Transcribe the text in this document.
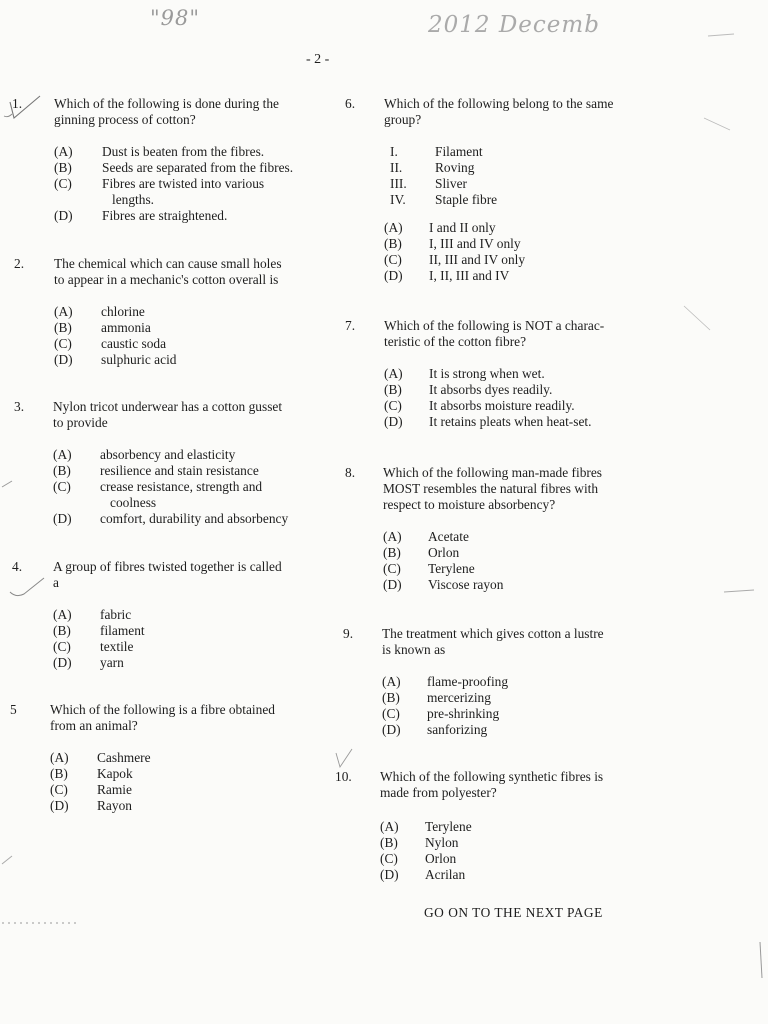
"98"	2012 Decemb
- 2 -
1. Which of the following is done during the
ginning process of cotton?
(A) Dust is beaten from the fibres.
(B) Seeds are separated from the fibres.
(C) Fibres are twisted into various
lengths.
(D) Fibres are straightened.
2. The chemical which can cause small holes
to appear in a mechanic's cotton overall is
(A) chlorine
(B) ammonia
(C) caustic soda
(D) sulphuric acid
3. Nylon tricot underwear has a cotton gusset
to provide
(A) absorbency and elasticity
(B) resilience and stain resistance
(C) crease resistance, strength and
coolness
(D) comfort, durability and absorbency
4. A group of fibres twisted together is called
a
(A) fabric
(B) filament
(C) textile
(D) yarn
5 Which of the following is a fibre obtained
from an animal?
(A) Cashmere
(B) Kapok
(C) Ramie
(D) Rayon
6. Which of the following belong to the same
group?
I.	Filament
II. Roving
III. Sliver
IV. Staple fibre
(A) I and II only
(B) I, III and IV only
(C) II, III and IV only
(D) I, II, III and IV
7. Which of the following is NOT a charac-
teristic of the cotton fibre?
(A) It is strong when wet.
(B) It absorbs dyes readily.
(C) It absorbs moisture readily.
(D) It retains pleats when heat-set.
8. Which of the following man-made fibres
MOST resembles the natural fibres with
respect to moisture absorbency?
(A) Acetate
(B) Orlon
(C) Terylene
(D) Viscose rayon
9. The treatment which gives cotton a lustre
is known as
(A) flame-proofing
(B) mercerizing
(C) pre-shrinking
(D) sanforizing
10. Which of the following synthetic fibres is
made from polyester?
(A) Terylene
(B) Nylon
(C) Orlon
(D) Acrilan
GO ON TO THE NEXT PAGE
